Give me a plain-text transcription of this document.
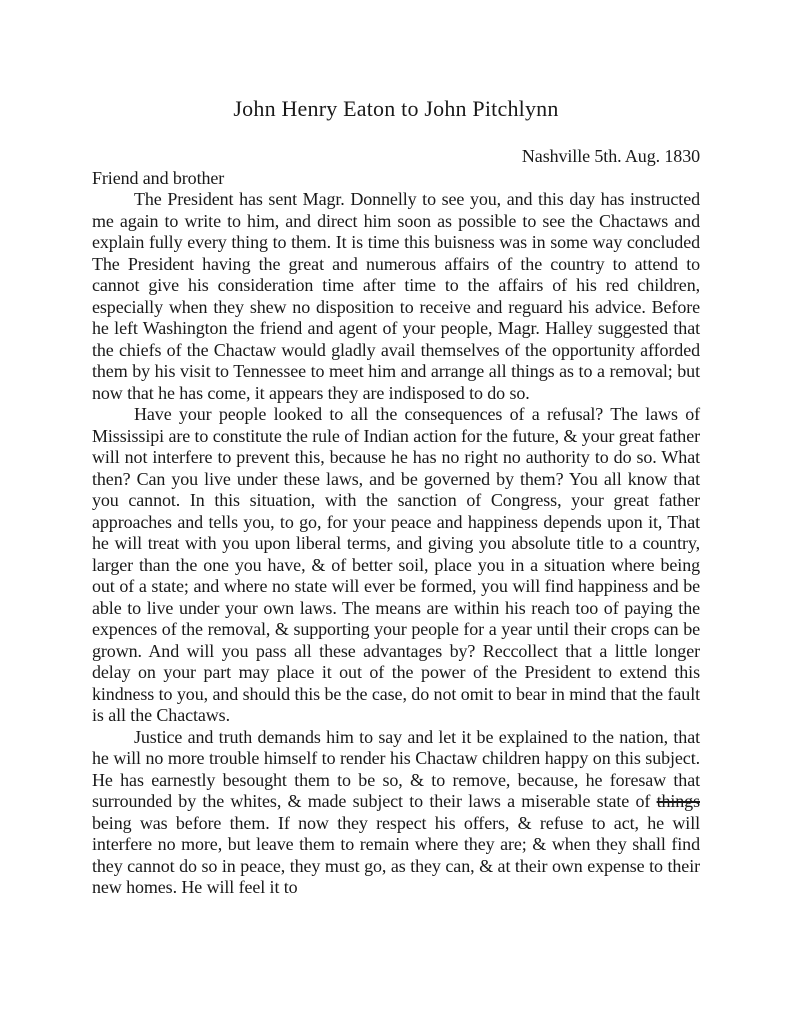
John Henry Eaton to John Pitchlynn
Nashville 5th. Aug. 1830
Friend and brother

The President has sent Magr. Donnelly to see you, and this day has instructed me again to write to him, and direct him soon as possible to see the Chactaws and explain fully every thing to them. It is time this buisness was in some way concluded The President having the great and numerous affairs of the country to attend to cannot give his consideration time after time to the affairs of his red children, especially when they shew no disposition to receive and reguard his advice. Before he left Washington the friend and agent of your people, Magr. Halley suggested that the chiefs of the Chactaw would gladly avail themselves of the opportunity afforded them by his visit to Tennessee to meet him and arrange all things as to a removal; but now that he has come, it appears they are indisposed to do so.

Have your people looked to all the consequences of a refusal? The laws of Mississipi are to constitute the rule of Indian action for the future, & your great father will not interfere to prevent this, because he has no right no authority to do so. What then? Can you live under these laws, and be governed by them? You all know that you cannot. In this situation, with the sanction of Congress, your great father approaches and tells you, to go, for your peace and happiness depends upon it, That he will treat with you upon liberal terms, and giving you absolute title to a country, larger than the one you have, & of better soil, place you in a situation where being out of a state; and where no state will ever be formed, you will find happiness and be able to live under your own laws. The means are within his reach too of paying the expences of the removal, & supporting your people for a year until their crops can be grown. And will you pass all these advantages by? Reccollect that a little longer delay on your part may place it out of the power of the President to extend this kindness to you, and should this be the case, do not omit to bear in mind that the fault is all the Chactaws.

Justice and truth demands him to say and let it be explained to the nation, that he will no more trouble himself to render his Chactaw children happy on this subject. He has earnestly besought them to be so, & to remove, because, he foresaw that surrounded by the whites, & made subject to their laws a miserable state of things being was before them. If now they respect his offers, & refuse to act, he will interfere no more, but leave them to remain where they are; & when they shall find they cannot do so in peace, they must go, as they can, & at their own expense to their new homes. He will feel it to
